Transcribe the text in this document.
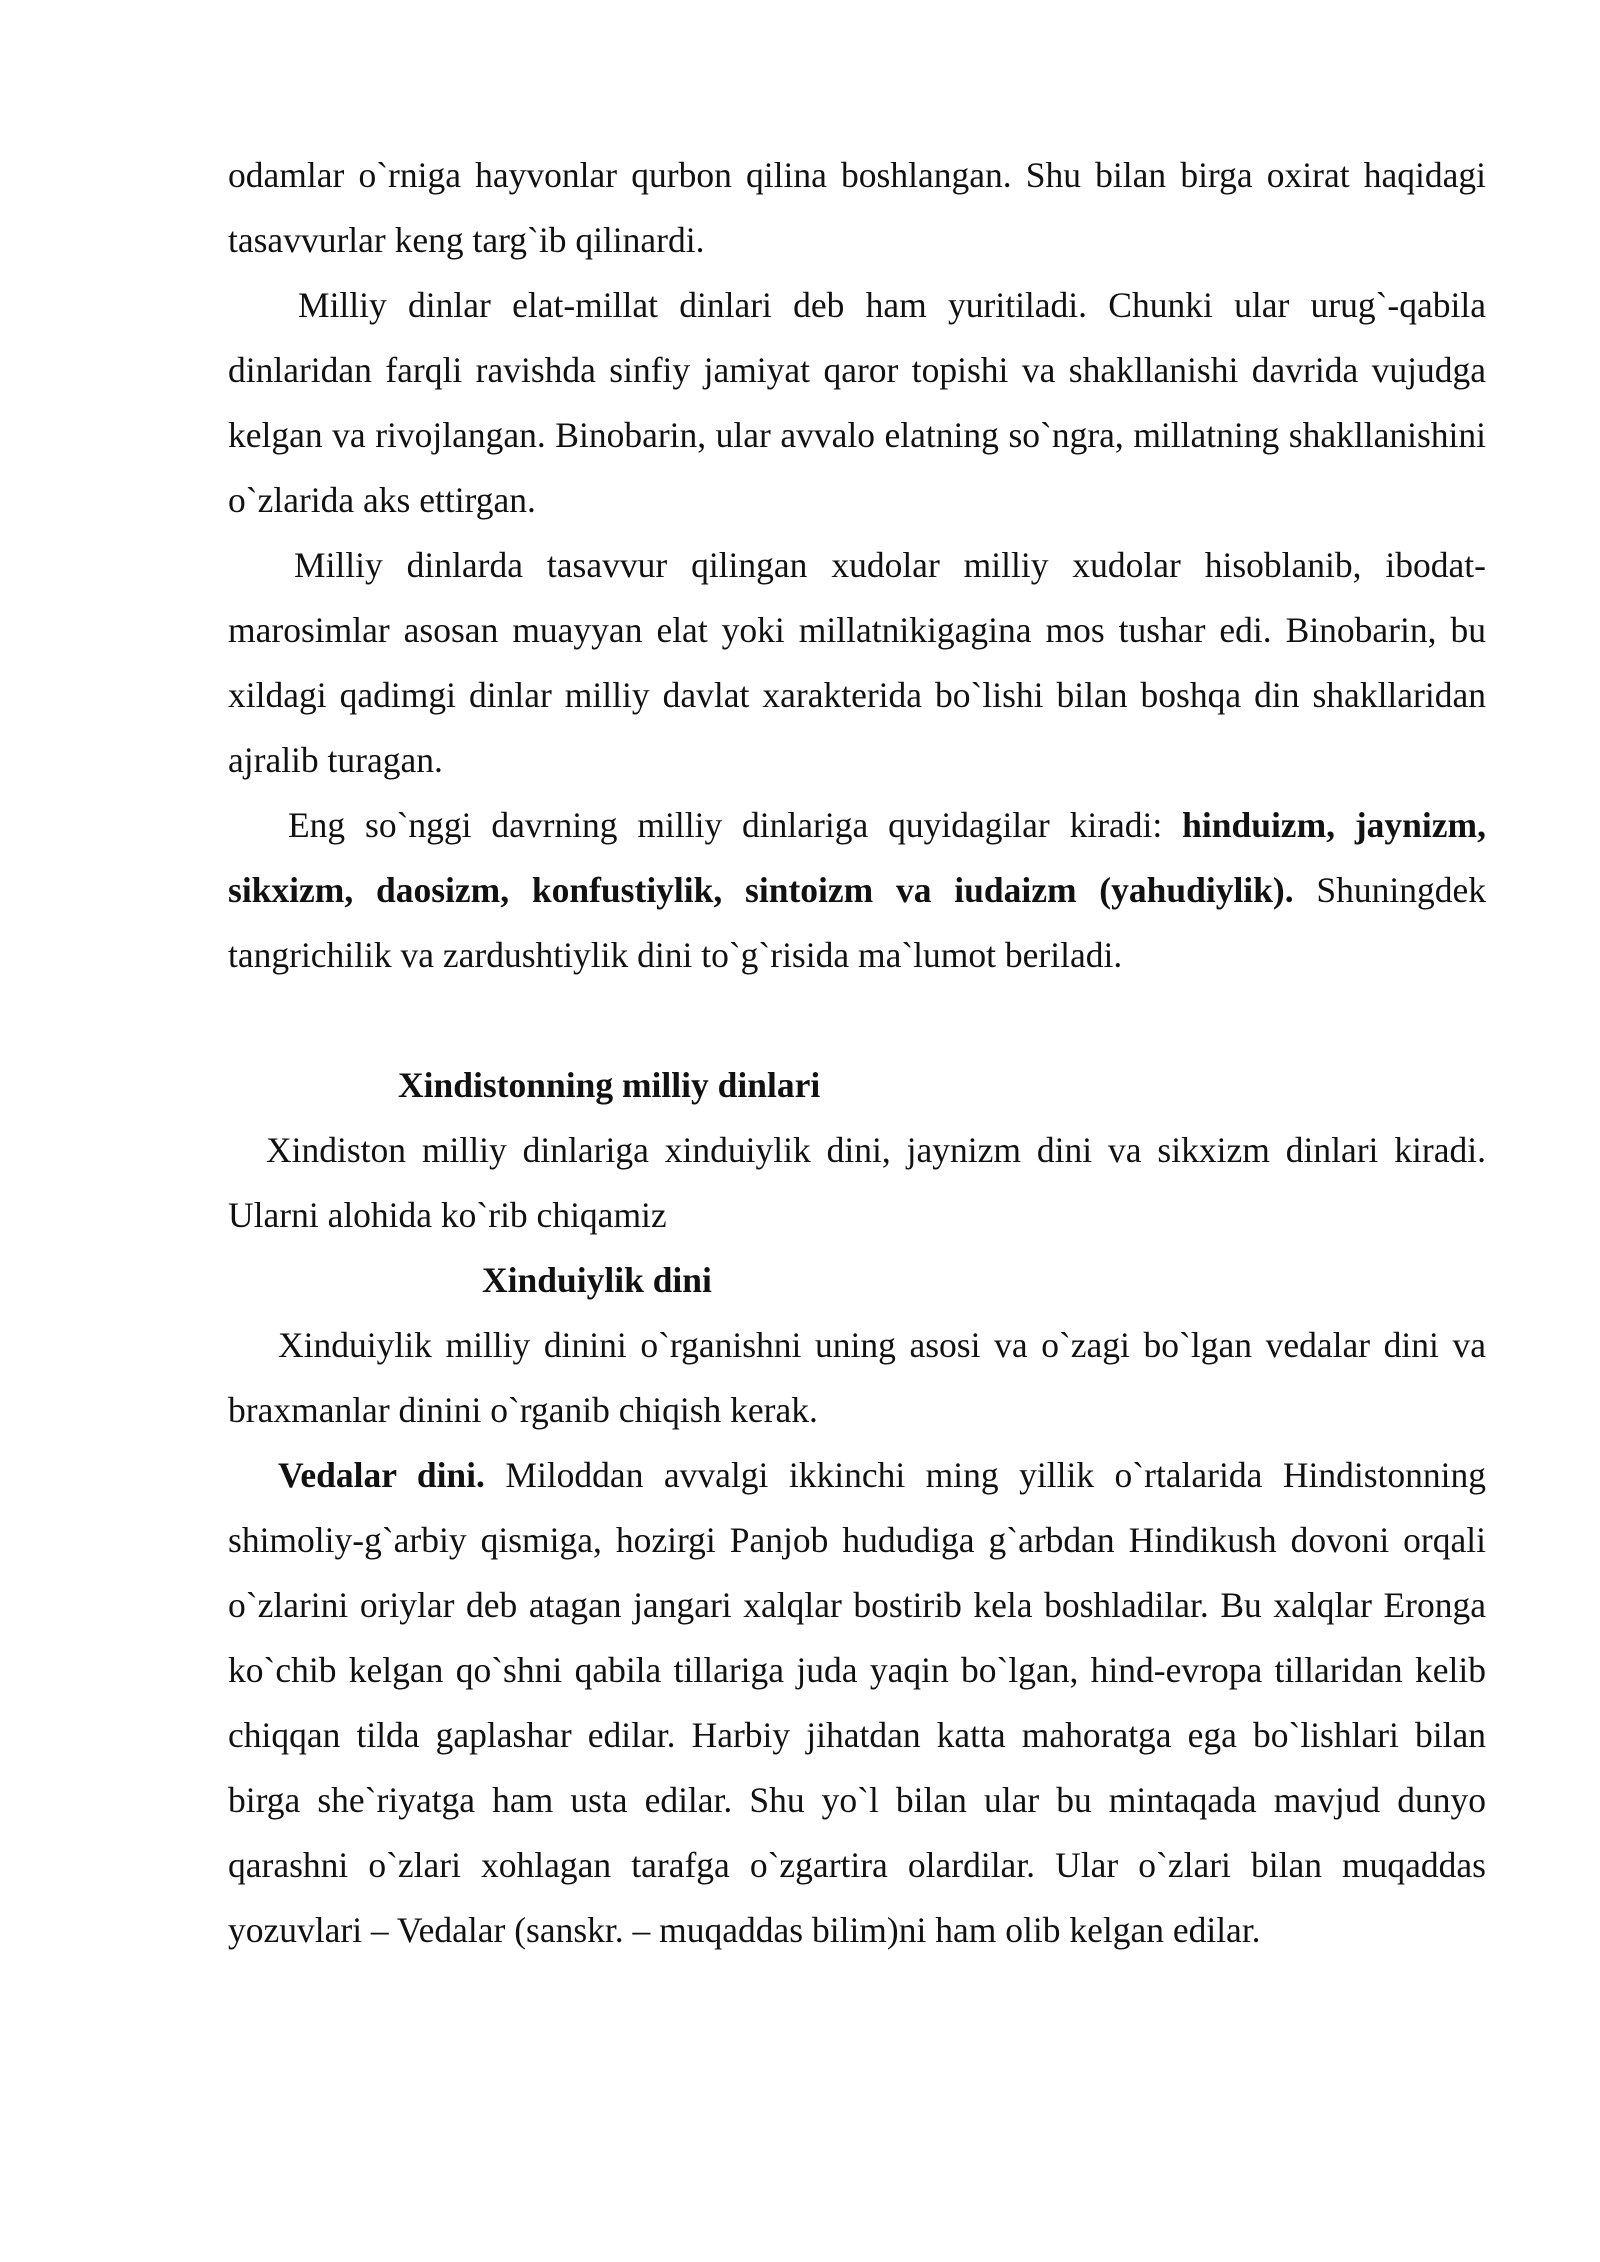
odamlar o`rniga hayvonlar qurbon qilina boshlangan. Shu bilan birga oxirat haqidagi tasavvurlar keng targ`ib qilinardi.

Milliy dinlar elat-millat dinlari deb ham yuritiladi. Chunki ular urug`-qabila dinlaridan farqli ravishda sinfiy jamiyat qaror topishi va shakllanishi davrida vujudga kelgan va rivojlangan. Binobarin, ular avvalo elatning so`ngra, millatning shakllanishini o`zlarida aks ettirgan.

Milliy dinlarda tasavvur qilingan xudolar milliy xudolar hisoblanib, ibodat-marosimlar asosan muayyan elat yoki millatnikigagina mos tushar edi. Binobarin, bu xildagi qadimgi dinlar milliy davlat xarakterida bo`lishi bilan boshqa din shakllaridan ajralib turagan.

Eng so`nggi davrning milliy dinlariga quyidagilar kiradi: hinduizm, jaynizm, sikxizm, daosizm, konfustiylik, sintoizm va iudaizm (yahudiylik). Shuningdek tangrichilik va zardushtiylik dini to`g`risida ma`lumot beriladi.

Xindistonning milliy dinlari

Xindiston milliy dinlariga xinduiylik dini, jaynizm dini va sikxizm dinlari kiradi. Ularni alohida ko`rib chiqamiz

Xinduiylik dini

Xinduiylik milliy dinini o`rganishni uning asosi va o`zagi bo`lgan vedalar dini va braxmanlar dinini o`rganib chiqish kerak.

Vedalar dini. Miloddan avvalgi ikkinchi ming yillik o`rtalarida Hindistonning shimoliy-g`arbiy qismiga, hozirgi Panjob hududiga g`arbdan Hindikush dovoni orqali o`zlarini oriylar deb atagan jangari xalqlar bostirib kela boshladilar. Bu xalqlar Eronga ko`chib kelgan qo`shni qabila tillariga juda yaqin bo`lgan, hind-evropa tillaridan kelib chiqqan tilda gaplashar edilar. Harbiy jihatdan katta mahoratga ega bo`lishlari bilan birga she`riyatga ham usta edilar. Shu yo`l bilan ular bu mintaqada mavjud dunyo qarashni o`zlari xohlagan tarafga o`zgartira olardilar. Ular o`zlari bilan muqaddas yozuvlari – Vedalar (sanskr. – muqaddas bilim)ni ham olib kelgan edilar.
